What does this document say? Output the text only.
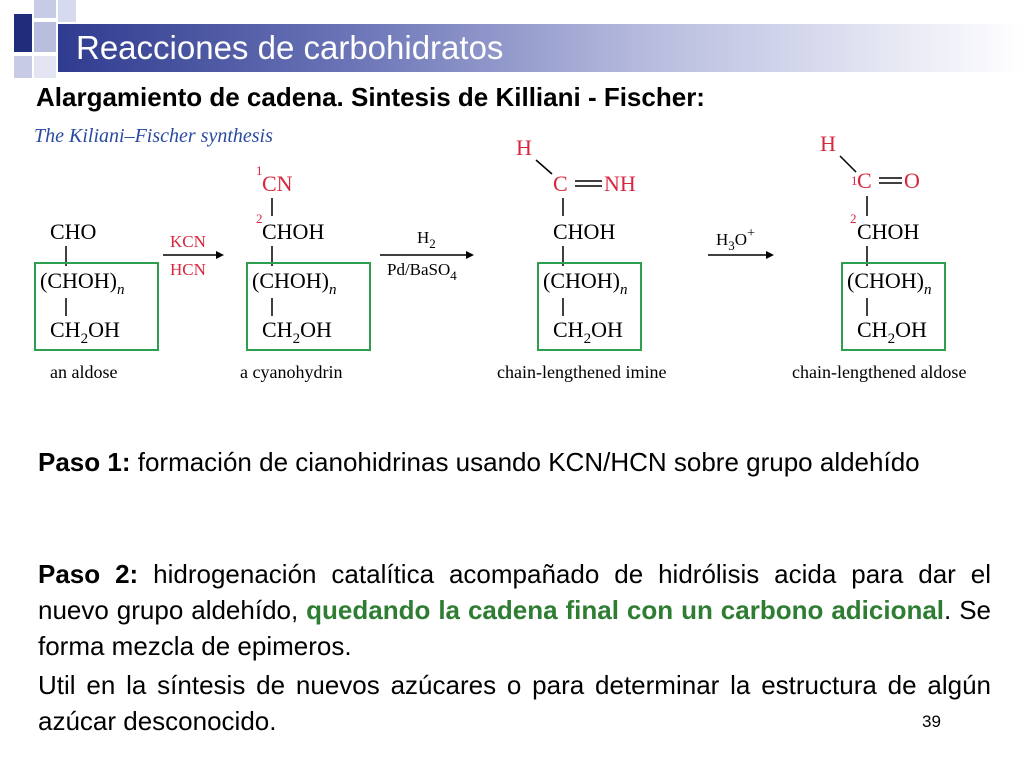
Reacciones de carbohidratos
Alargamiento de cadena. Sintesis de Killiani - Fischer:
The Kiliani–Fischer synthesis
CHO
$(CHOH)_n$
$CH_2OH$
an aldose
KCN
HCN
1
CN
2
CHOH
$(CHOH)_n$
$CH_2OH$
a cyanohydrin
$H_2$
Pd/BaSO$_4$
H
C NH
CHOH
$(CHOH)_n$
$CH_2OH$
chain-lengthened imine
$H_3O^+$
H
1 C O
2
CHOH
$(CHOH)_n$
$CH_2OH$
chain-lengthened aldose
Paso 1: formación de cianohidrinas usando KCN/HCN sobre grupo aldehído
Paso 2: hidrogenación catalítica acompañado de hidrólisis acida para dar el nuevo grupo aldehído, quedando la cadena final con un carbono adicional. Se forma mezcla de epimeros.
Util en la síntesis de nuevos azúcares o para determinar la estructura de algún azúcar desconocido.	39
